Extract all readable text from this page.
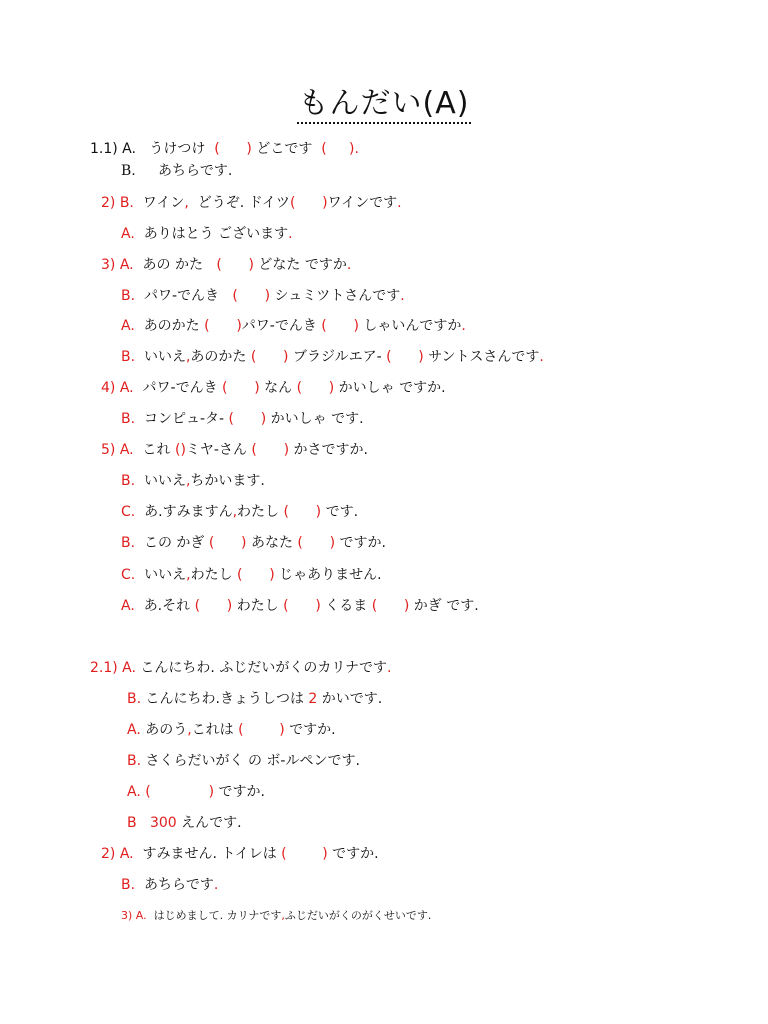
もんだい(A)
1.1) A. うけつけ ( ) どこです ( ).
B. あちらです.
2) B. ワイン, どうぞ. ドイツ( )ワインです.
A. ありはとう ございます.
3) A. あの かた ( ) どなた ですか.
B. パワ-でんき ( ) シュミツトさんです.
A. あのかた ( )パワ-でんき ( ) しゃいんですか.
B. いいえ,あのかた ( ) ブラジルエア- ( ) サントスさんです.
4) A. パワ-でんき ( ) なん ( ) かいしゃ ですか.
B. コンピュ-タ- ( ) かいしゃ です.
5) A. これ ()ミヤ-さん ( ) かさですか.
B. いいえ,ちかいます.
C. あ.すみますん,わたし ( ) です.
B. この かぎ ( ) あなた ( ) ですか.
C. いいえ,わたし ( ) じゃありません.
A. あ.それ ( ) わたし ( ) くるま ( ) かぎ です.
2.1) A. こんにちわ. ふじだいがくのカリナです.
B. こんにちわ.きょうしつは 2 かいです.
A. あのう,これは (	) ですか.
B. さくらだいがく の ボ-ルペンです.
A. (	) ですか.
B 300 えんです.
2) A. すみません. トイレは (	) ですか.
B. あちらです.
3) A. はじめまして. カリナです,ふじだいがくのがくせいです.
